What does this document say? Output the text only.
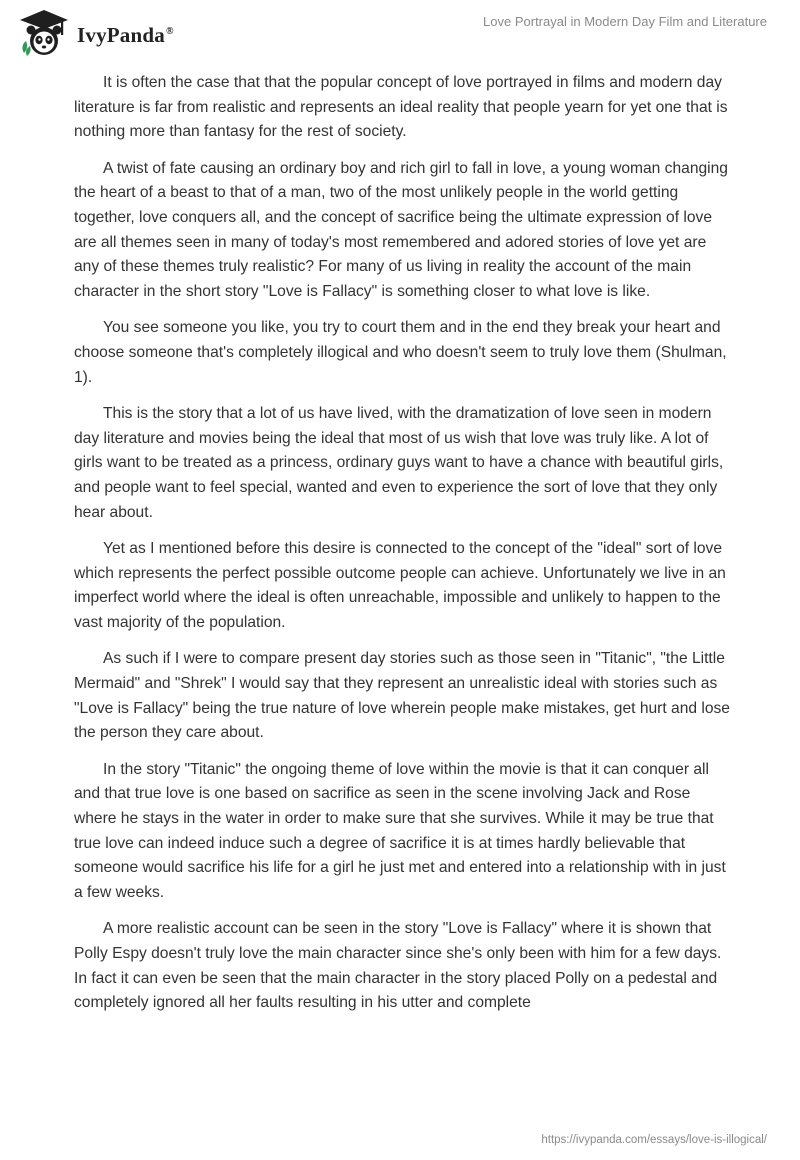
IvyPanda®
Love Portrayal in Modern Day Film and Literature

It is often the case that that the popular concept of love portrayed in films and modern day literature is far from realistic and represents an ideal reality that people yearn for yet one that is nothing more than fantasy for the rest of society.

A twist of fate causing an ordinary boy and rich girl to fall in love, a young woman changing the heart of a beast to that of a man, two of the most unlikely people in the world getting together, love conquers all, and the concept of sacrifice being the ultimate expression of love are all themes seen in many of today's most remembered and adored stories of love yet are any of these themes truly realistic? For many of us living in reality the account of the main character in the short story "Love is Fallacy" is something closer to what love is like.

You see someone you like, you try to court them and in the end they break your heart and choose someone that's completely illogical and who doesn't seem to truly love them (Shulman, 1).

This is the story that a lot of us have lived, with the dramatization of love seen in modern day literature and movies being the ideal that most of us wish that love was truly like. A lot of girls want to be treated as a princess, ordinary guys want to have a chance with beautiful girls, and people want to feel special, wanted and even to experience the sort of love that they only hear about.

Yet as I mentioned before this desire is connected to the concept of the "ideal" sort of love which represents the perfect possible outcome people can achieve. Unfortunately we live in an imperfect world where the ideal is often unreachable, impossible and unlikely to happen to the vast majority of the population.

As such if I were to compare present day stories such as those seen in "Titanic", "the Little Mermaid" and "Shrek" I would say that they represent an unrealistic ideal with stories such as "Love is Fallacy" being the true nature of love wherein people make mistakes, get hurt and lose the person they care about.

In the story "Titanic" the ongoing theme of love within the movie is that it can conquer all and that true love is one based on sacrifice as seen in the scene involving Jack and Rose where he stays in the water in order to make sure that she survives. While it may be true that true love can indeed induce such a degree of sacrifice it is at times hardly believable that someone would sacrifice his life for a girl he just met and entered into a relationship with in just a few weeks.

A more realistic account can be seen in the story "Love is Fallacy" where it is shown that Polly Espy doesn't truly love the main character since she's only been with him for a few days. In fact it can even be seen that the main character in the story placed Polly on a pedestal and completely ignored all her faults resulting in his utter and complete

https://ivypanda.com/essays/love-is-illogical/
